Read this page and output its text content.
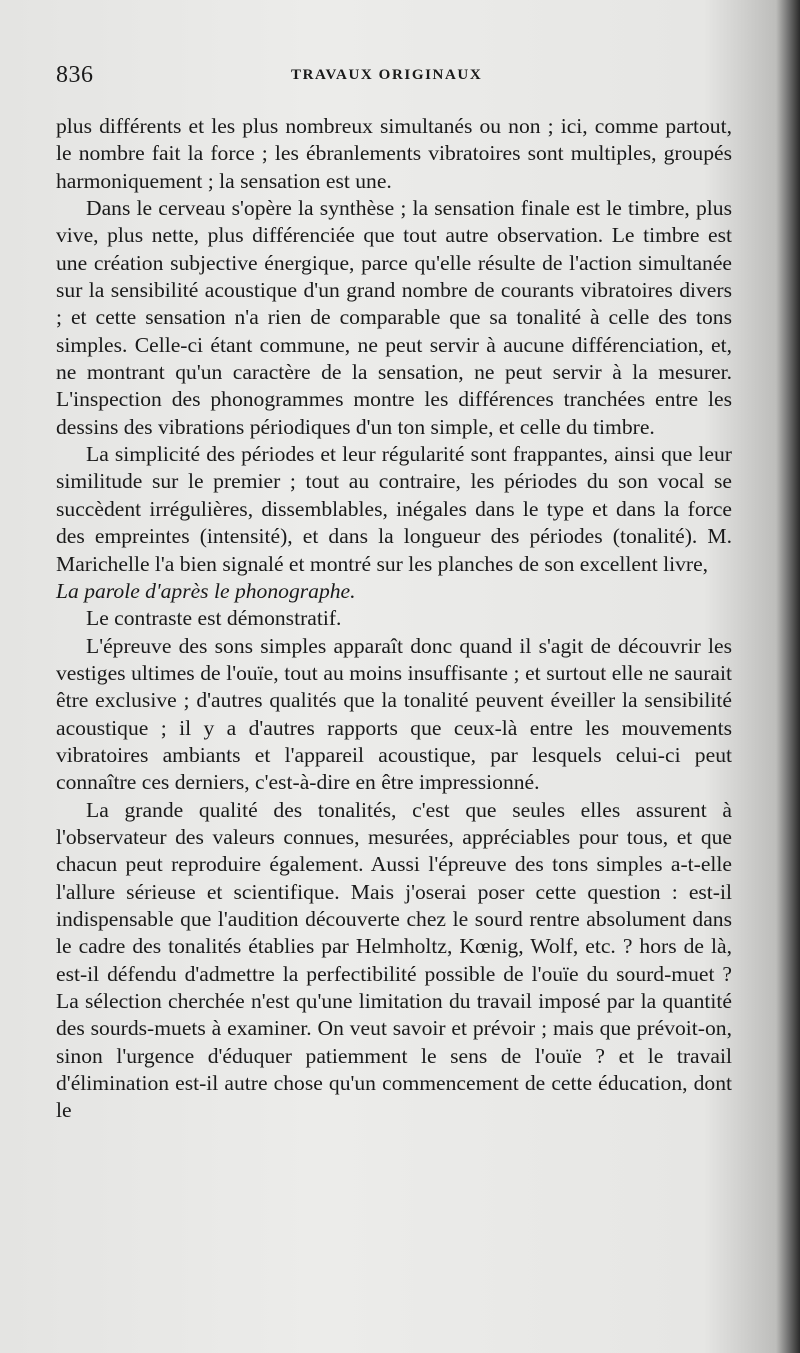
836	TRAVAUX ORIGINAUX

plus différents et les plus nombreux simultanés ou non ; ici, comme partout, le nombre fait la force ; les ébranlements vibratoires sont multiples, groupés harmoniquement ; la sensation est une.

Dans le cerveau s'opère la synthèse ; la sensation finale est le timbre, plus vive, plus nette, plus différenciée que tout autre observation. Le timbre est une création subjective énergique, parce qu'elle résulte de l'action simultanée sur la sensibilité acoustique d'un grand nombre de courants vibratoires divers ; et cette sensation n'a rien de comparable que sa tonalité à celle des tons simples. Celle-ci étant commune, ne peut servir à aucune différenciation, et, ne montrant qu'un caractère de la sensation, ne peut servir à la mesurer. L'inspection des phonogrammes montre les différences tranchées entre les dessins des vibrations périodiques d'un ton simple, et celle du timbre.

La simplicité des périodes et leur régularité sont frappantes, ainsi que leur similitude sur le premier ; tout au contraire, les périodes du son vocal se succèdent irrégulières, dissemblables, inégales dans le type et dans la force des empreintes (intensité), et dans la longueur des périodes (tonalité). M. Marichelle l'a bien signalé et montré sur les planches de son excellent livre,

La parole d'après le phonographe.

Le contraste est démonstratif.

L'épreuve des sons simples apparaît donc quand il s'agit de découvrir les vestiges ultimes de l'ouïe, tout au moins insuffisante ; et surtout elle ne saurait être exclusive ; d'autres qualités que la tonalité peuvent éveiller la sensibilité acoustique ; il y a d'autres rapports que ceux-là entre les mouvements vibratoires ambiants et l'appareil acoustique, par lesquels celui-ci peut connaître ces derniers, c'est-à-dire en être impressionné.

La grande qualité des tonalités, c'est que seules elles assurent à l'observateur des valeurs connues, mesurées, appréciables pour tous, et que chacun peut reproduire également. Aussi l'épreuve des tons simples a-t-elle l'allure sérieuse et scientifique. Mais j'oserai poser cette question : est-il indispensable que l'audition découverte chez le sourd rentre absolument dans le cadre des tonalités établies par Helmholtz, Kœnig, Wolf, etc. ? hors de là, est-il défendu d'admettre la perfectibilité possible de l'ouïe du sourd-muet ? La sélection cherchée n'est qu'une limitation du travail imposé par la quantité des sourds-muets à examiner. On veut savoir et prévoir ; mais que prévoit-on, sinon l'urgence d'éduquer patiemment le sens de l'ouïe ? et le travail d'élimination est-il autre chose qu'un commencement de cette éducation, dont le
